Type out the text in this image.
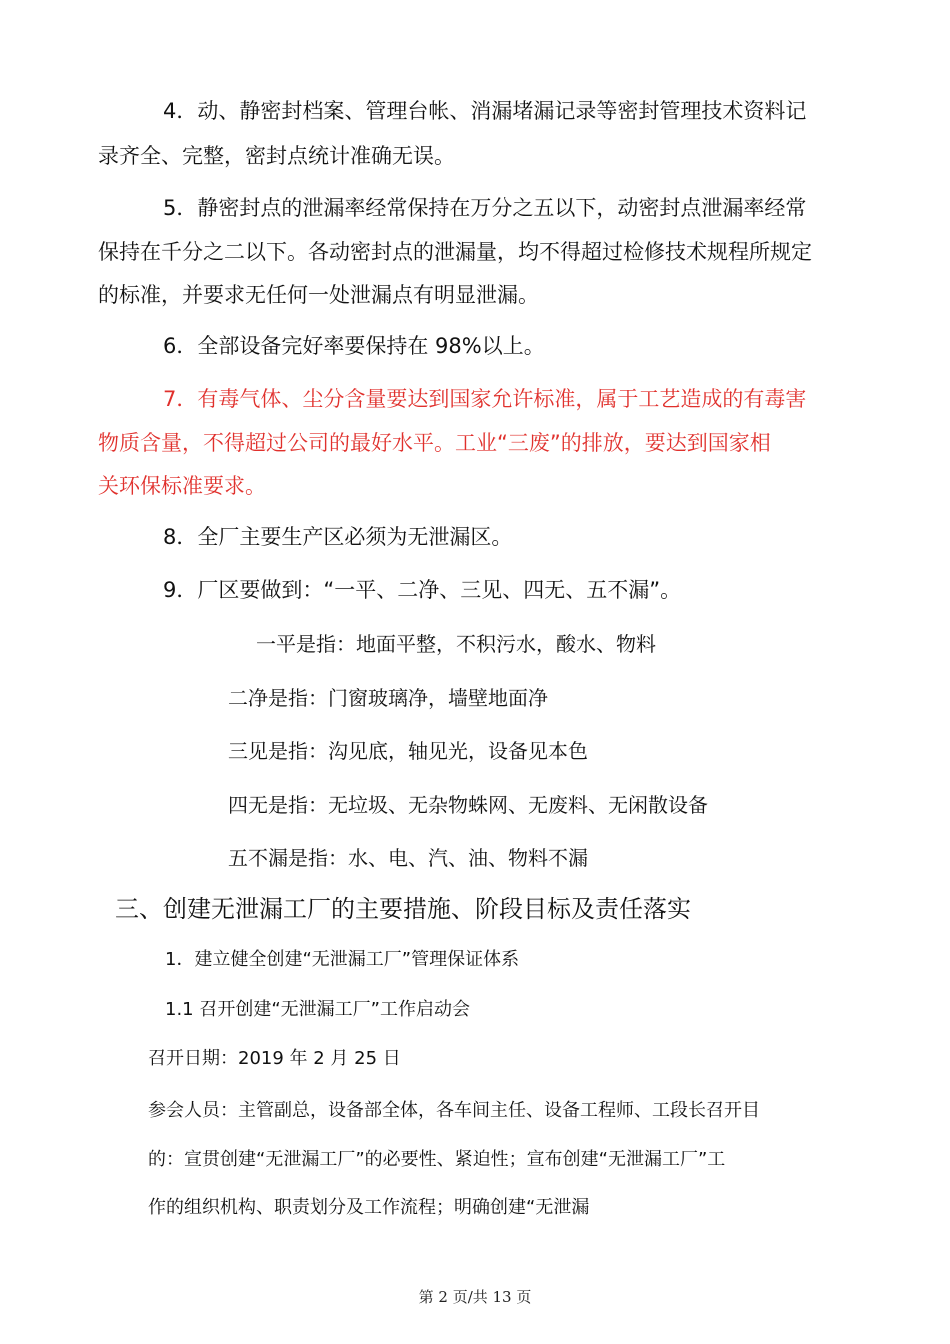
4．动、静密封档案、管理台帐、消漏堵漏记录等密封管理技术资料记
录齐全、完整，密封点统计准确无误。
5．静密封点的泄漏率经常保持在万分之五以下，动密封点泄漏率经常
保持在千分之二以下。各动密封点的泄漏量，均不得超过检修技术规程所规定
的标准，并要求无任何一处泄漏点有明显泄漏。
6．全部设备完好率要保持在 98%以上。
7．有毒气体、尘分含量要达到国家允许标准，属于工艺造成的有毒害
物质含量，不得超过公司的最好水平。工业“三废”的排放，要达到国家相
关环保标准要求。
8．全厂主要生产区必须为无泄漏区。
9．厂区要做到：“一平、二净、三见、四无、五不漏”。
一平是指：地面平整，不积污水，酸水、物料
二净是指：门窗玻璃净，墙壁地面净
三见是指：沟见底，轴见光，设备见本色
四无是指：无垃圾、无杂物蛛网、无废料、无闲散设备
五不漏是指：水、电、汽、油、物料不漏
三、创建无泄漏工厂的主要措施、阶段目标及责任落实
1．建立健全创建“无泄漏工厂”管理保证体系
1.1 召开创建“无泄漏工厂”工作启动会
召开日期：2019 年 2 月 25 日
参会人员：主管副总，设备部全体，各车间主任、设备工程师、工段长召开目
的：宣贯创建“无泄漏工厂”的必要性、紧迫性；宣布创建“无泄漏工厂”工
作的组织机构、职责划分及工作流程；明确创建“无泄漏
第 2 页/共 13 页
